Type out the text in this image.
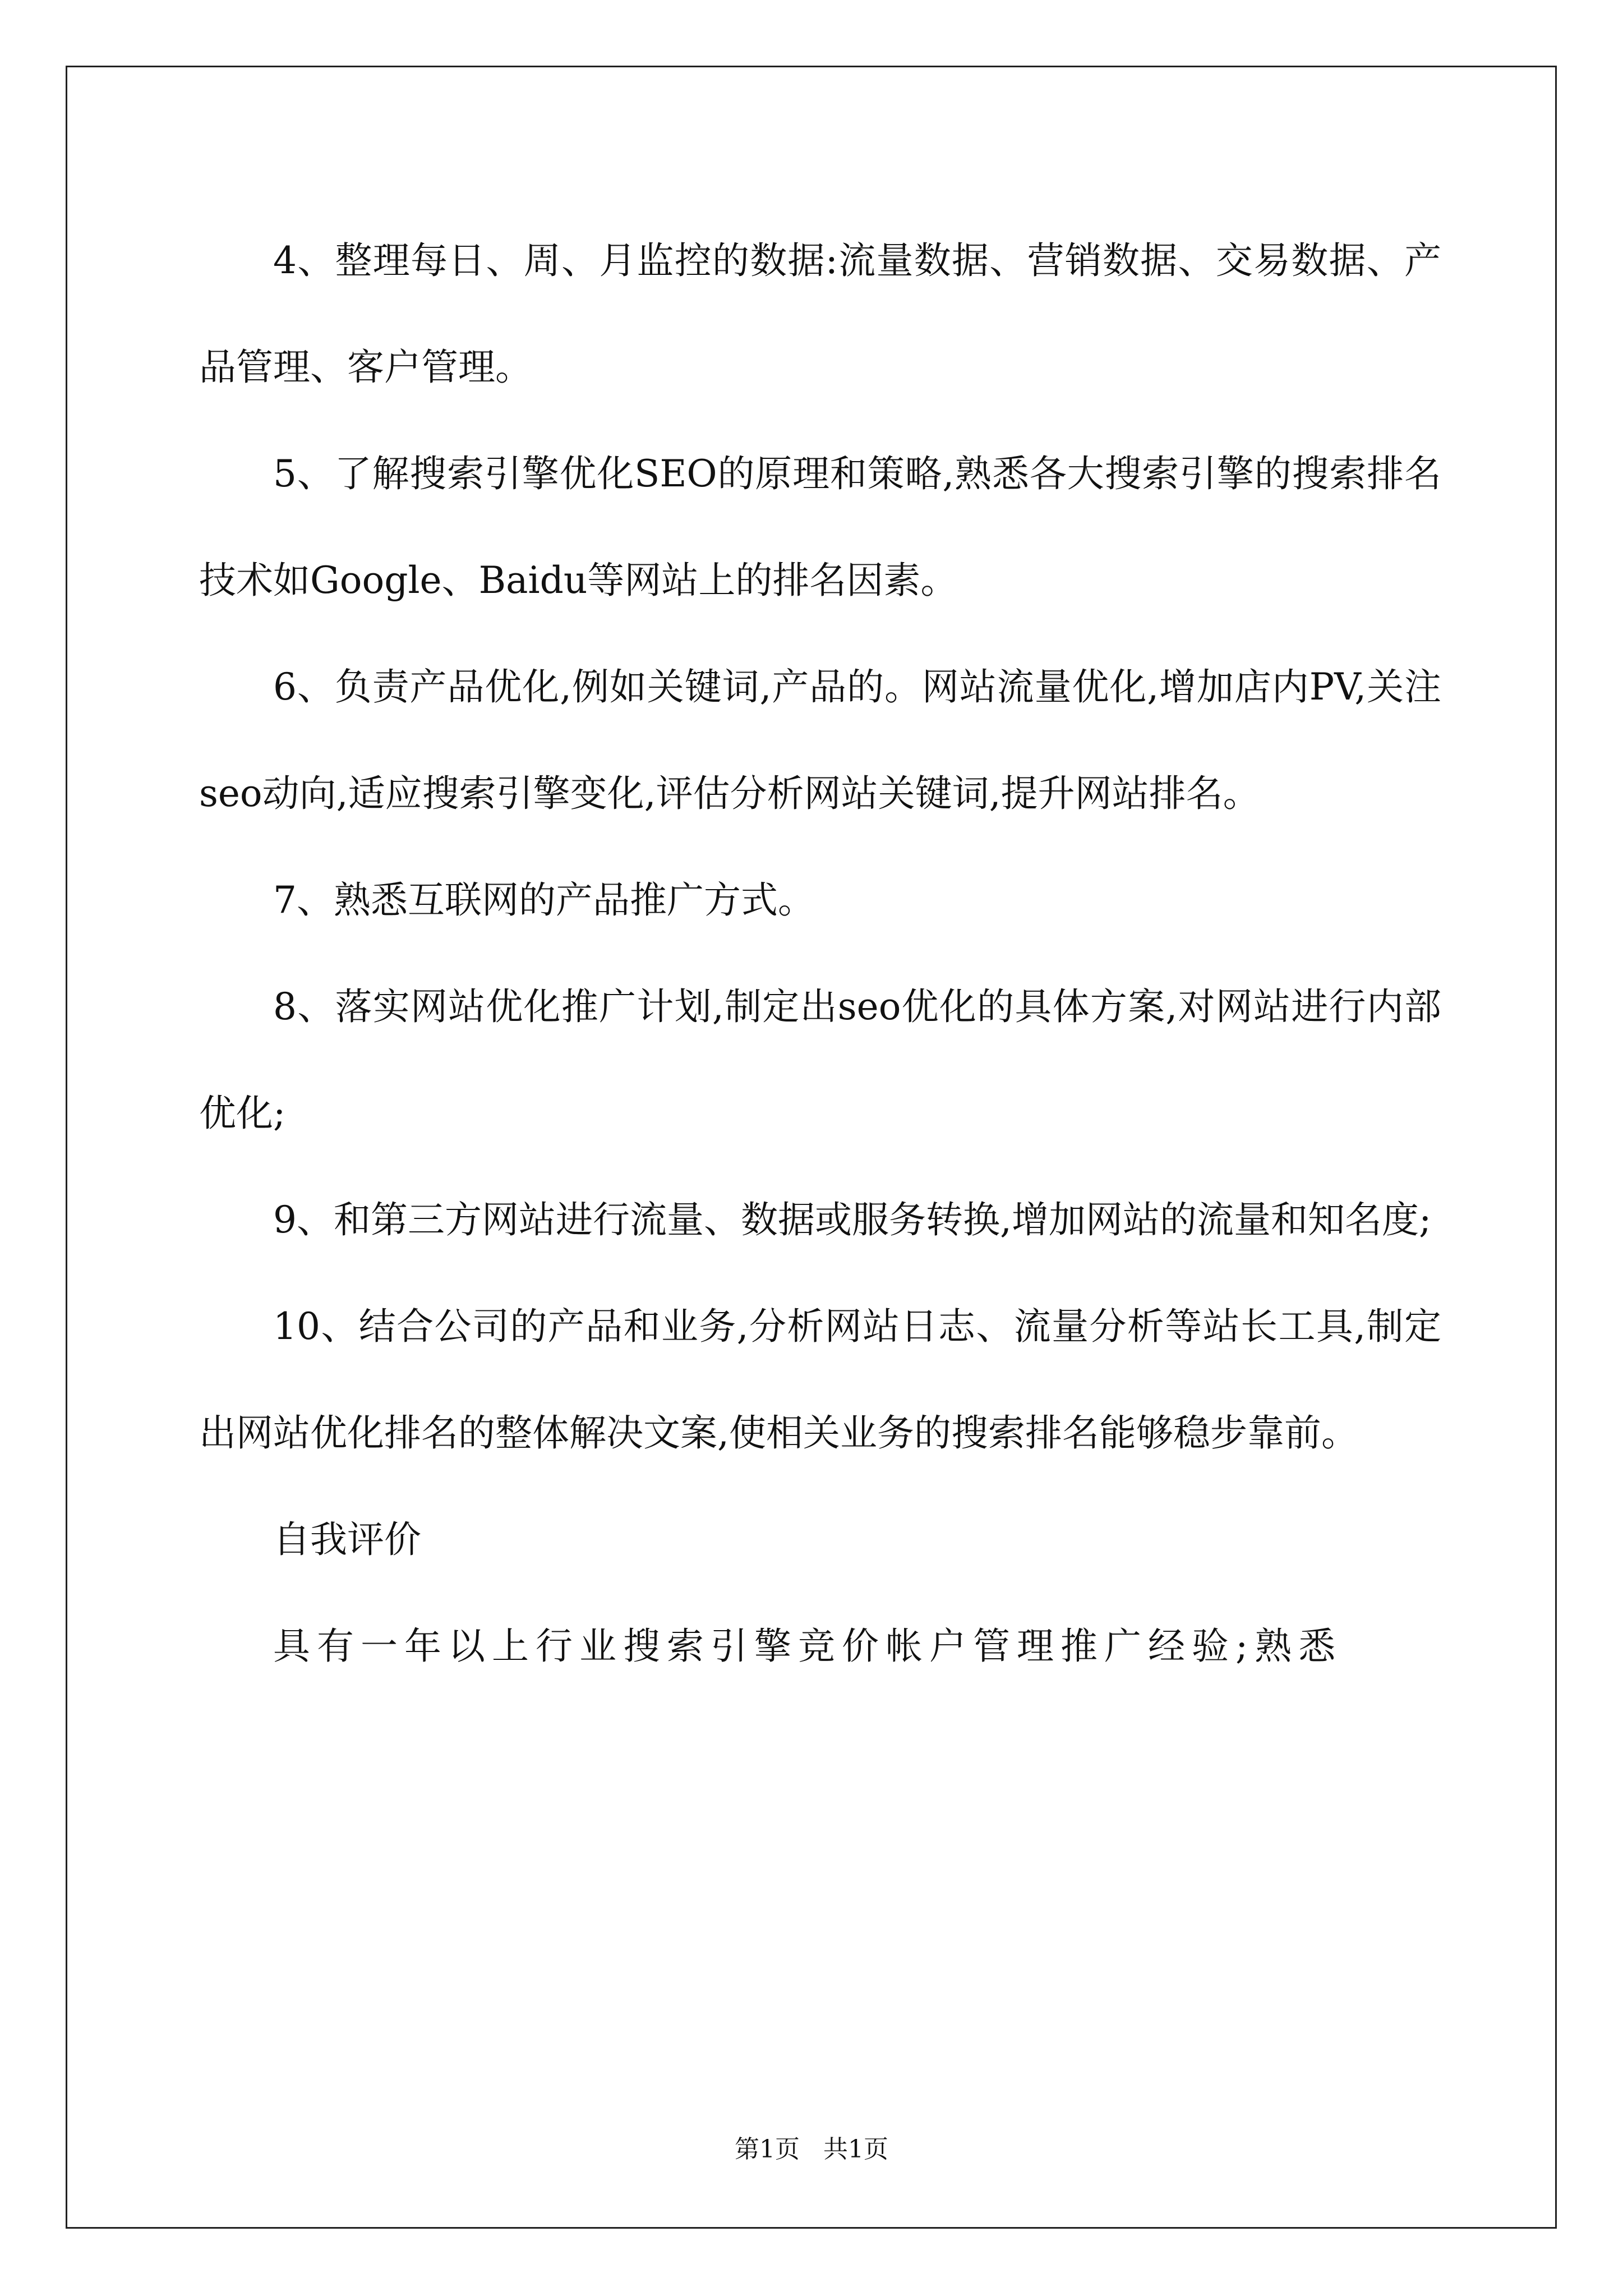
4、整理每日、周、月监控的数据:流量数据、营销数据、交易数据、产品管理、客户管理。

5、了解搜索引擎优化SEO的原理和策略,熟悉各大搜索引擎的搜索排名技术如Google、Baidu等网站上的排名因素。

6、负责产品优化,例如关键词,产品的。网站流量优化,增加店内PV,关注seo动向,适应搜索引擎变化,评估分析网站关键词,提升网站排名。

7、熟悉互联网的产品推广方式。

8、落实网站优化推广计划,制定出seo优化的具体方案,对网站进行内部优化;

9、和第三方网站进行流量、数据或服务转换,增加网站的流量和知名度;

10、结合公司的产品和业务,分析网站日志、流量分析等站长工具,制定出网站优化排名的整体解决文案,使相关业务的搜索排名能够稳步靠前。

自我评价

具有一年以上行业搜索引擎竞价帐户管理推广经验;熟悉

第1页 共1页
